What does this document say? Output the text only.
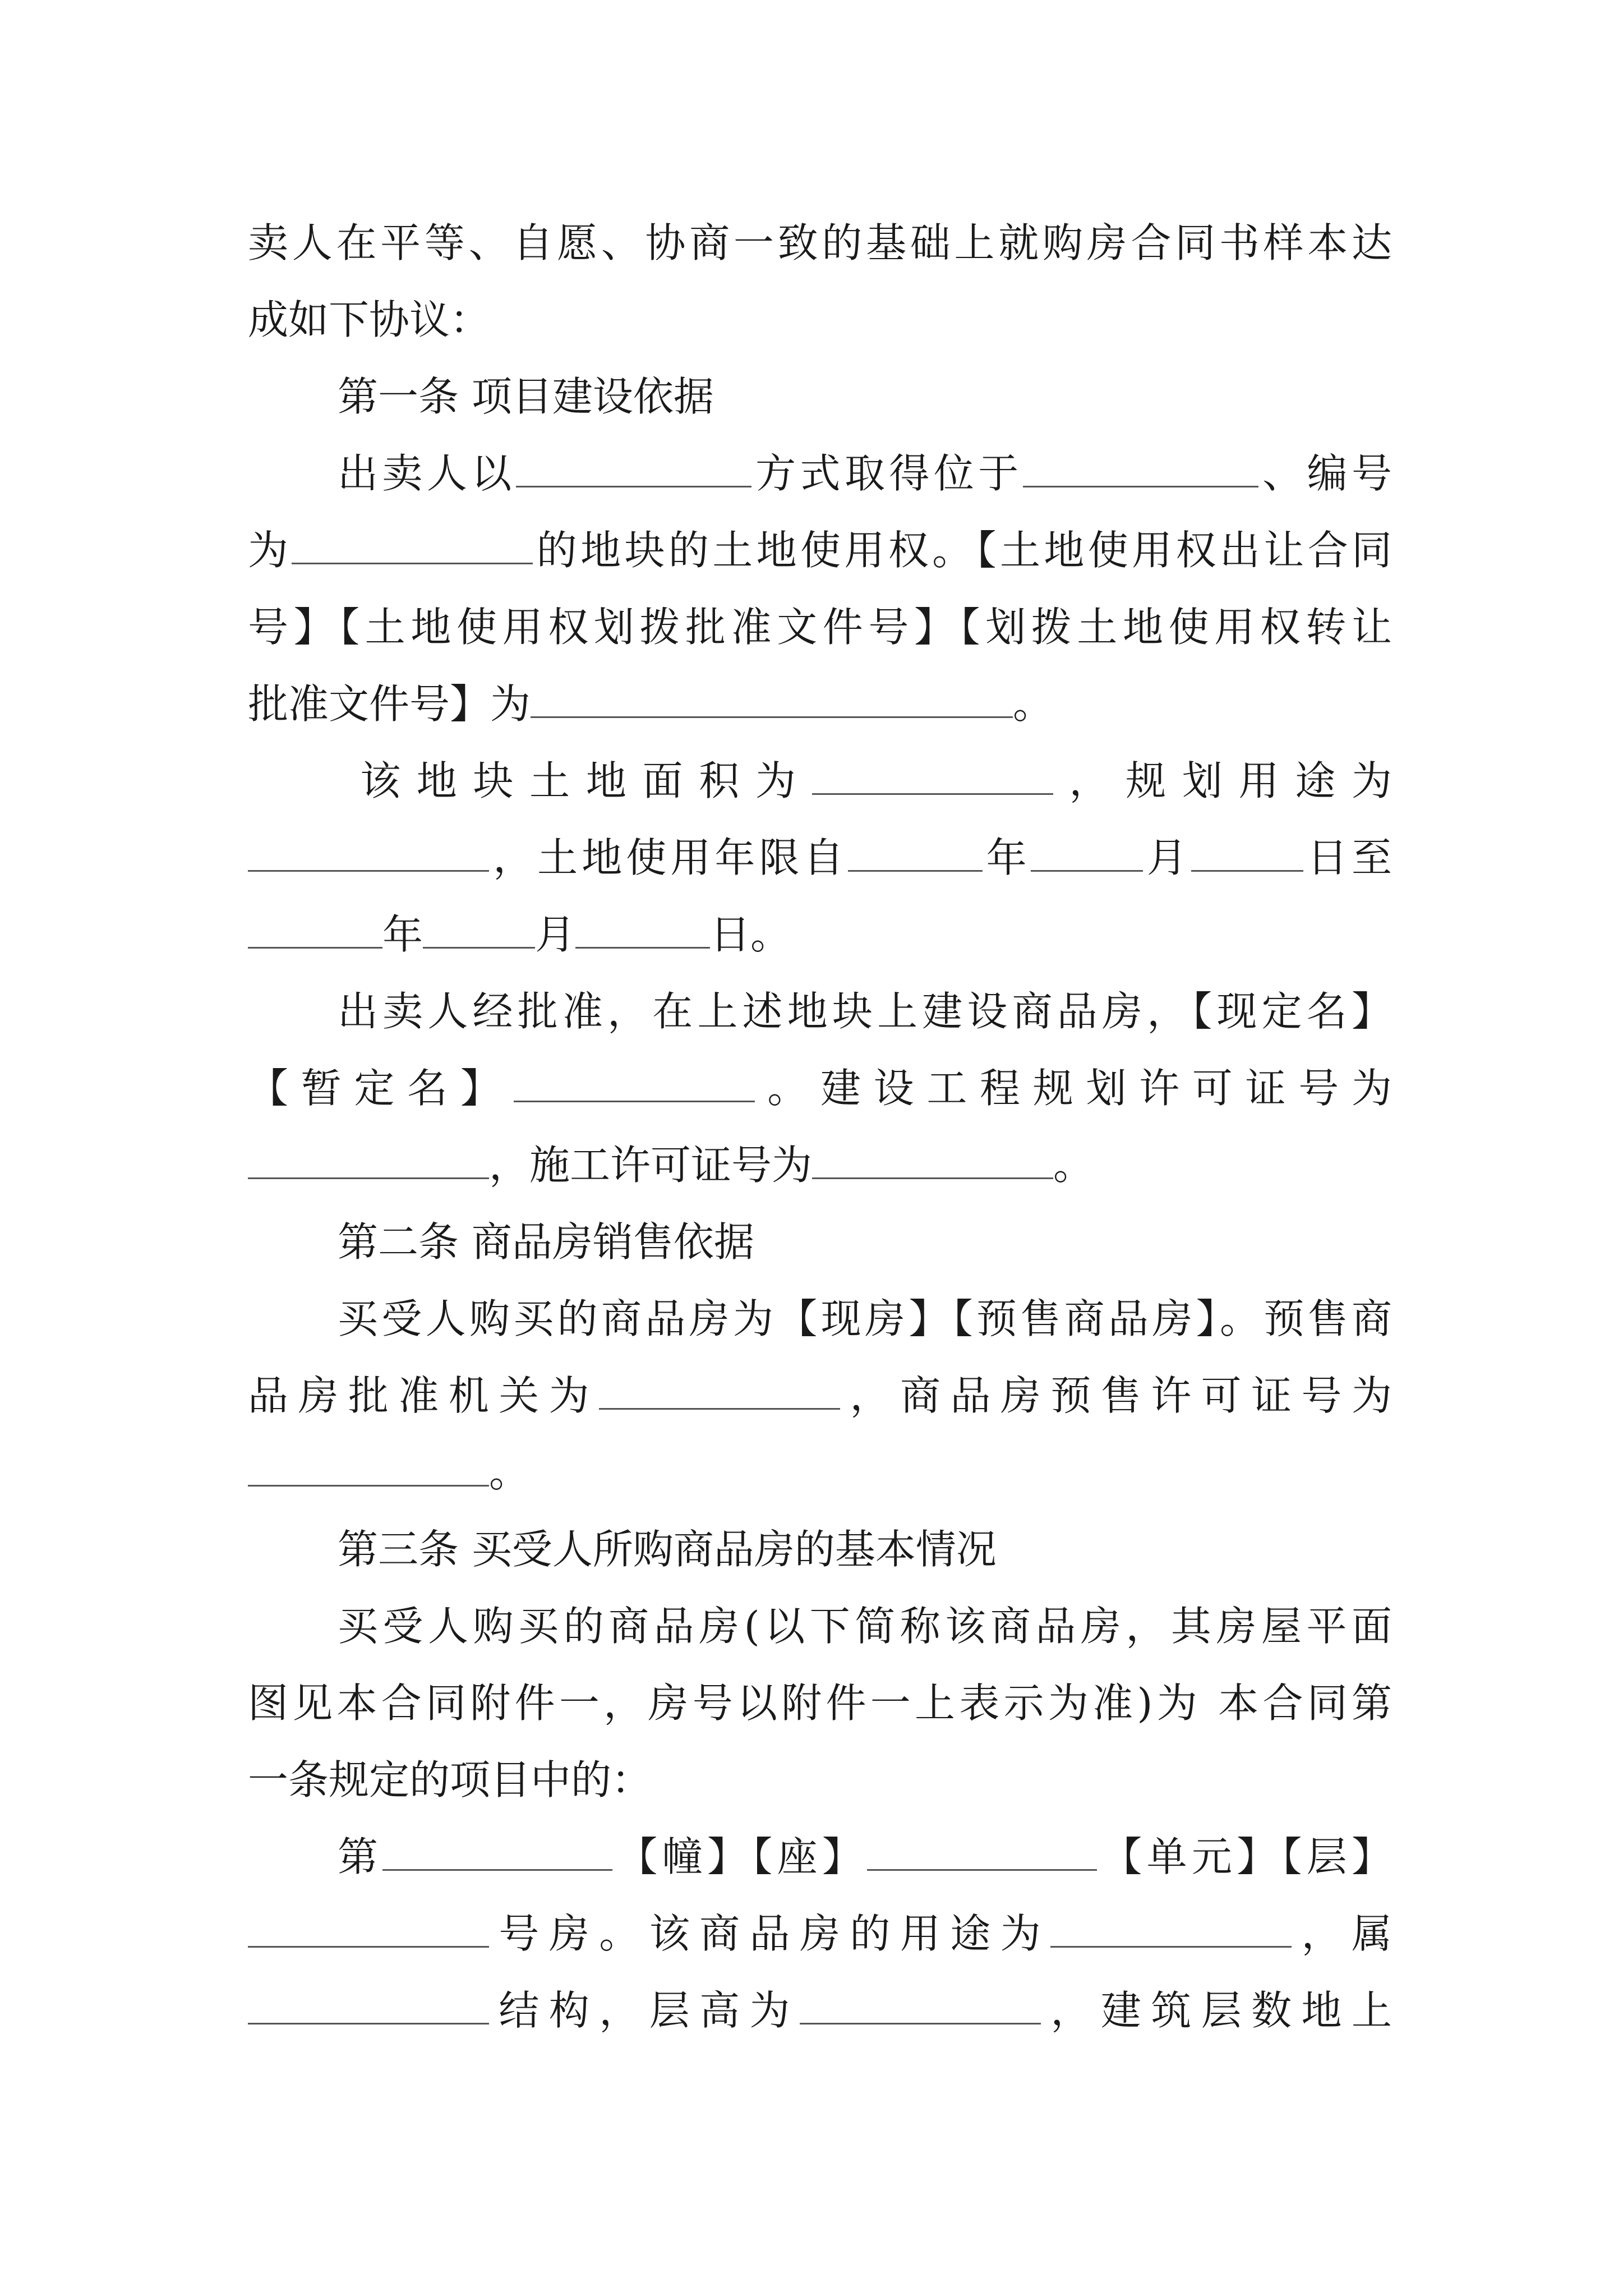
卖人在平等、自愿、协商一致的基础上就购房合同书样本达
成如下协议：
第一条 项目建设依据
出卖人以	方式取得位于	、编号
为	的地块的土地使用权。【土地使用权出让合同
号】【土地使用权划拨批准文件号】【划拨土地使用权转让
批准文件号】为	。
该地块土地面积为	，规划用途为
，土地使用年限自	年	月	日至
年	月	日。
出卖人经批准，在上述地块上建设商品房，【现定名】
【暂定名】	。建设工程规划许可证号为
，施工许可证号为	。
第二条 商品房销售依据
买受人购买的商品房为【现房】【预售商品房】。预售商
品房批准机关为	，商品房预售许可证号为
。
第三条 买受人所购商品房的基本情况
买受人购买的商品房(以下简称该商品房，其房屋平面
图见本合同附件一，房号以附件一上表示为准)为 本合同第
一条规定的项目中的：
第	【幢】【座】	【单元】【层】
号房。该商品房的用途为	，属
结构，层高为	，建筑层数地上
